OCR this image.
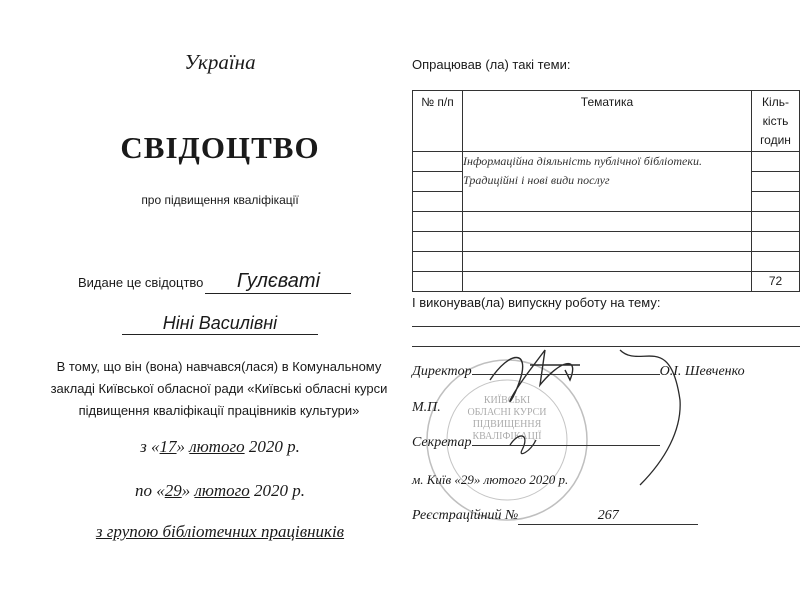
Україна
СВІДОЦТВО
про підвищення кваліфікації
Видане це свідоцтво Гулєваті
Ніні Василівні
В тому, що він (вона) навчався(лася) в Комунальному закладі Київської обласної ради «Київські обласні курси підвищення кваліфікації працівників культури»
з «17» лютого 2020 р.
по «29» лютого 2020 р.
з групою бібліотечних працівників
Опрацював (ла) такі теми:
№ п/п	Тематика	Кіль-кість годин
	Інформаційна діяльність публічної бібліотеки. Традиційні і нові види послуг	

		72
І виконував(ла) випускну роботу на тему:
КИЇВСЬКІ
ОБЛАСНІ КУРСИ
ПІДВИЩЕННЯ
КВАЛІФІКАЦІЇ
Директор	О.І. Шевченко
М.П.
Секретар
м. Київ «29» лютого 2020 р.
Реєстраційний №	267
